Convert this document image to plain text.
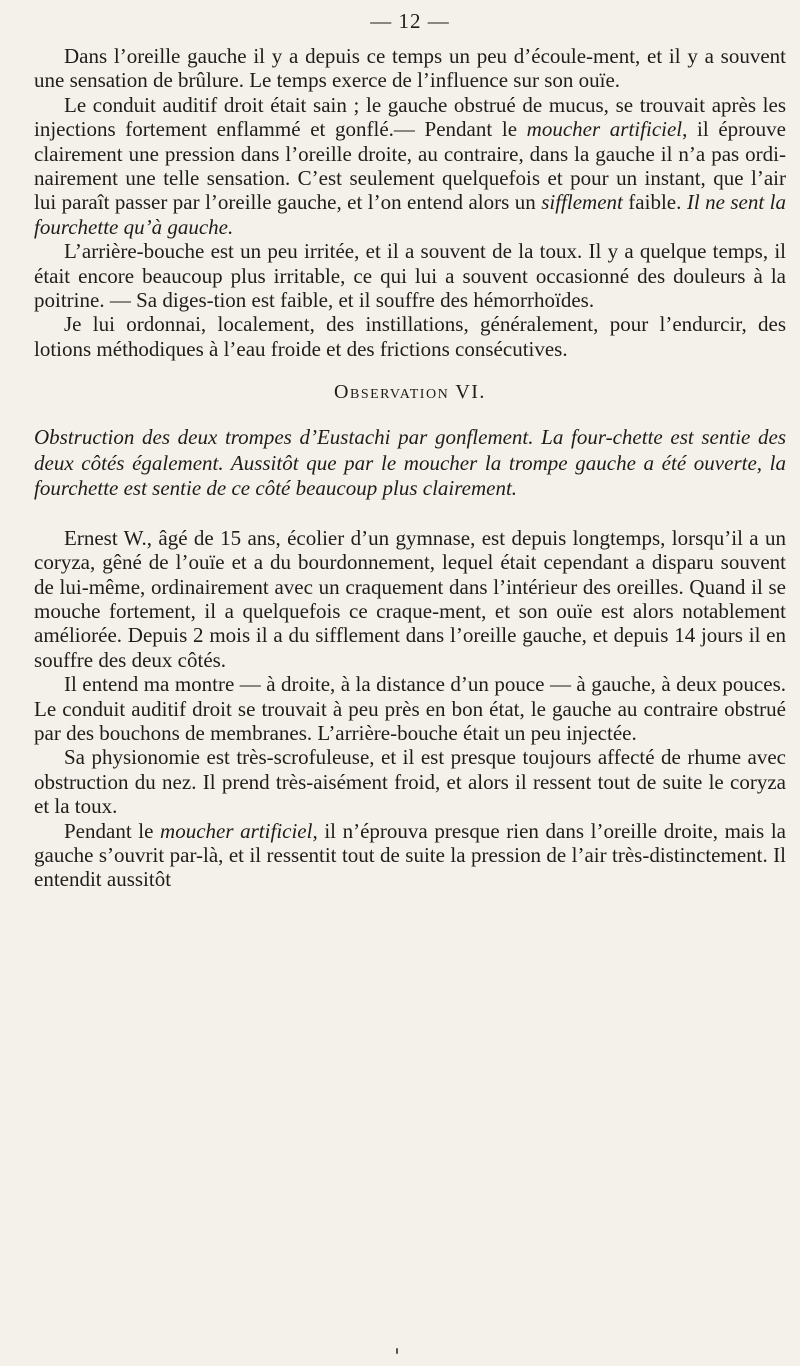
— 12 —

Dans l’oreille gauche il y a depuis ce temps un peu d’écoule-ment, et il y a souvent une sensation de brûlure. Le temps exerce de l’influence sur son ouïe.

Le conduit auditif droit était sain ; le gauche obstrué de mucus, se trouvait après les injections fortement enflammé et gonflé.— Pendant le moucher artificiel, il éprouve clairement une pression dans l’oreille droite, au contraire, dans la gauche il n’a pas ordi-nairement une telle sensation. C’est seulement quelquefois et pour un instant, que l’air lui paraît passer par l’oreille gauche, et l’on entend alors un sifflement faible. Il ne sent la fourchette qu’à gauche.

L’arrière-bouche est un peu irritée, et il a souvent de la toux. Il y a quelque temps, il était encore beaucoup plus irritable, ce qui lui a souvent occasionné des douleurs à la poitrine. — Sa diges-tion est faible, et il souffre des hémorrhoïdes.

Je lui ordonnai, localement, des instillations, généralement, pour l’endurcir, des lotions méthodiques à l’eau froide et des frictions consécutives.

Observation VI.
Obstruction des deux trompes d’Eustachi par gonflement. La four-chette est sentie des deux côtés également. Aussitôt que par le moucher la trompe gauche a été ouverte, la fourchette est sentie de ce côté beaucoup plus clairement.

Ernest W., âgé de 15 ans, écolier d’un gymnase, est depuis longtemps, lorsqu’il a un coryza, gêné de l’ouïe et a du bourdonnement, lequel était cependant a disparu souvent de lui-même, ordinairement avec un craquement dans l’intérieur des oreilles. Quand il se mouche fortement, il a quelquefois ce craque-ment, et son ouïe est alors notablement améliorée. Depuis 2 mois il a du sifflement dans l’oreille gauche, et depuis 14 jours il en souffre des deux côtés.

Il entend ma montre — à droite, à la distance d’un pouce — à gauche, à deux pouces. Le conduit auditif droit se trouvait à peu près en bon état, le gauche au contraire obstrué par des bouchons de membranes. L’arrière-bouche était un peu injectée.

Sa physionomie est très-scrofuleuse, et il est presque toujours affecté de rhume avec obstruction du nez. Il prend très-aisément froid, et alors il ressent tout de suite le coryza et la toux.

Pendant le moucher artificiel, il n’éprouva presque rien dans l’oreille droite, mais la gauche s’ouvrit par-là, et il ressentit tout de suite la pression de l’air très-distinctement. Il entendit aussitôt
